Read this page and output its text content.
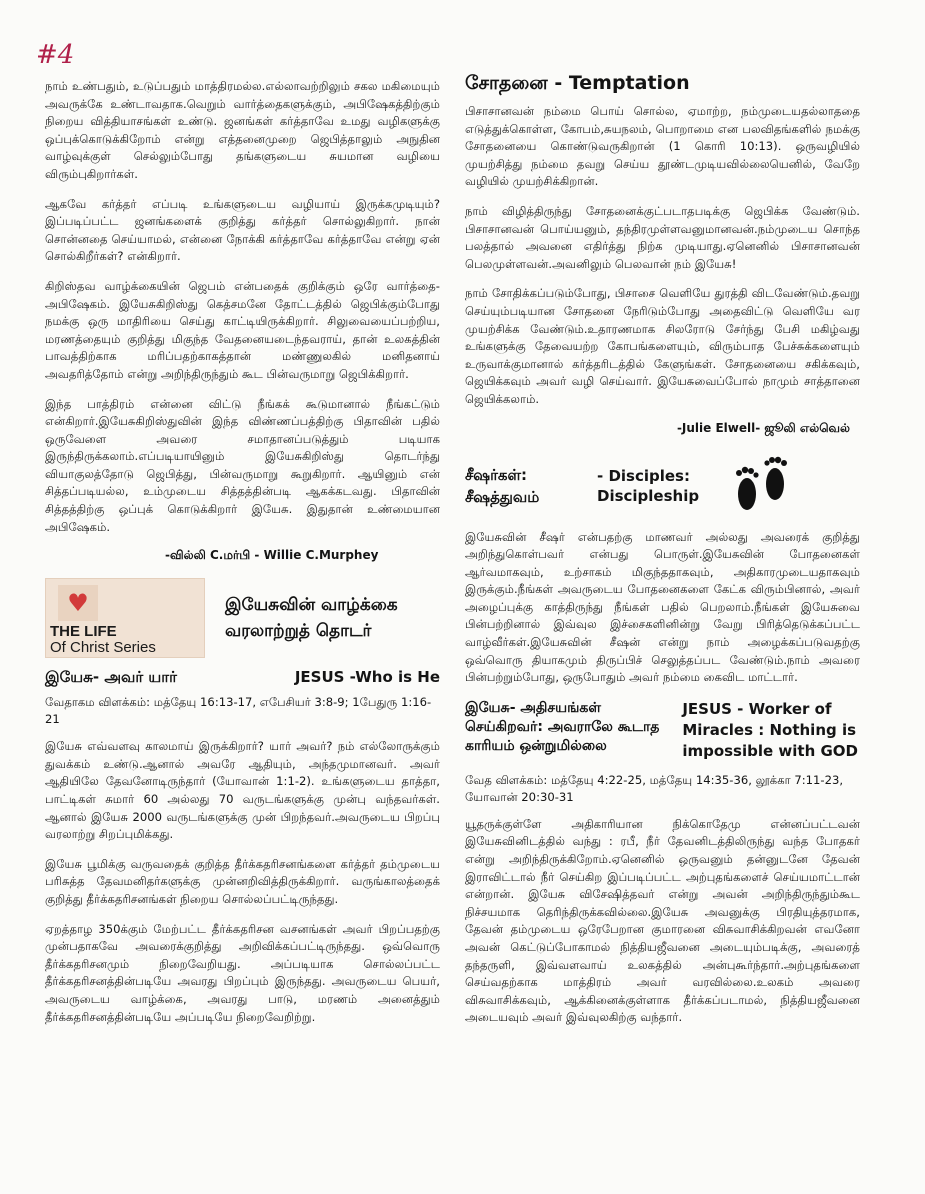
#4

நாம் உண்பதும், உடுப்பதும் மாத்திரமல்ல.எல்லாவற்றிலும் சகல மகிமையும் அவருக்கே உண்டாவதாக.வெறும் வார்த்தைகளுக்கும், அபிஷேகத்திற்கும் நிறைய வித்தியாசங்கள் உண்டு. ஜனங்கள் கர்த்தாவே உமது வழிகளுக்கு ஒப்புக்கொடுக்கிறோம் என்று எத்தனைமுறை ஜெபித்தாலும் அநுதின வாழ்வுக்குள் செல்லும்போது தங்களுடைய சுயமான வழியை விரும்புகிறார்கள்.

ஆகவே கர்த்தர் எப்படி உங்களுடைய வழியாய் இருக்கமுடியும்? இப்படிப்பட்ட ஜனங்களைக் குறித்து கர்த்தர் சொல்லுகிறார். நான் சொன்னதை செய்யாமல், என்னை நோக்கி கர்த்தாவே கர்த்தாவே என்று ஏன் சொல்கிறீர்கள்? என்கிறார்.

கிறிஸ்தவ வாழ்க்கையின் ஜெபம் என்பதைக் குறிக்கும் ஒரே வார்த்தை- அபிஷேகம். இயேசுகிறிஸ்து கெத்சமனே தோட்டத்தில் ஜெபிக்கும்போது நமக்கு ஒரு மாதிரியை செய்து காட்டியிருக்கிறார். சிலுவையைப்பற்றிய, மரணத்தையும் குறித்து மிகுந்த வேதனையடைந்தவராய், தான் உலகத்தின் பாவத்திற்காக மரிப்பதற்காகத்தான் மண்ணுலகில் மனிதனாய் அவதரித்தோம் என்று அறிந்திருந்தும் கூட பின்வருமாறு ஜெபிக்கிறார்.

இந்த பாத்திரம் என்னை விட்டு நீங்கக் கூடுமானால் நீங்கட்டும் என்கிறார்.இயேசுகிறிஸ்துவின் இந்த விண்ணப்பத்திற்கு பிதாவின் பதில் ஒருவேளை அவரை சமாதானப்படுத்தும் படியாக இருந்திருக்கலாம்.எப்படியாயினும் இயேசுகிறிஸ்து தொடர்ந்து வியாகுலத்தோடு ஜெபித்து, பின்வருமாறு கூறுகிறார். ஆயினும் என் சித்தப்படியல்ல, உம்முடைய சித்தத்தின்படி ஆகக்கடவது. பிதாவின் சித்தத்திற்கு ஒப்புக் கொடுக்கிறார் இயேசு. இதுதான் உண்மையான அபிஷேகம்.

-வில்லி C.மர்பி - Willie C.Murphey
♥
THE LIFE
Of Christ Series
இயேசுவின் வாழ்க்கை
வரலாற்றுத் தொடர்
இயேசு- அவர் யார்	JESUS -Who is He
வேதாகம விளக்கம்: மத்தேயு 16:13-17, எபேசியர் 3:8-9; 1பேதுரு 1:16-21

இயேசு எவ்வளவு காலமாய் இருக்கிறார்? யார் அவர்? நம் எல்லோருக்கும் துவக்கம் உண்டு.ஆனால் அவரே ஆதியும், அந்தமுமானவர். அவர் ஆதியிலே தேவனோடிருந்தார் (யோவான் 1:1-2). உங்களுடைய தாத்தா, பாட்டிகள் சுமார் 60 அல்லது 70 வருடங்களுக்கு முன்பு வந்தவர்கள். ஆனால் இயேசு 2000 வருடங்களுக்கு முன் பிறந்தவர்.அவருடைய பிறப்பு வரலாற்று சிறப்புமிக்கது.

இயேசு பூமிக்கு வருவதைக் குறித்த தீர்க்கதரிசனங்களை கர்த்தர் தம்முடைய பரிசுத்த தேவமனிதர்களுக்கு முன்னறிவித்திருக்கிறார். வருங்காலத்தைக் குறித்து தீர்க்கதரிசனங்கள் நிறைய சொல்லப்பட்டிருந்தது.

ஏறத்தாழ 350க்கும் மேற்பட்ட தீர்க்கதரிசன வசனங்கள் அவர் பிறப்பதற்கு முன்பதாகவே அவரைக்குறித்து அறிவிக்கப்பட்டிருந்தது. ஒவ்வொரு தீர்க்கதரிசனமும் நிறைவேறியது. அப்படியாக சொல்லப்பட்ட தீர்க்கதரிசனத்தின்படியே அவரது பிறப்பும் இருந்தது. அவருடைய பெயர், அவருடைய வாழ்க்கை, அவரது பாடு, மரணம் அனைத்தும் தீர்க்கதரிசனத்தின்படியே அப்படியே நிறைவேறிற்று.

சோதனை - Temptation

பிசாசானவன் நம்மை பொய் சொல்ல, ஏமாற்ற, நம்முடையதல்லாததை எடுத்துக்கொள்ள, கோபம்,சுயநலம், பொறாமை என பலவிதங்களில் நமக்கு சோதனையை கொண்டுவருகிறான் (1 கொரி 10:13). ஒருவழியில் முயற்சித்து நம்மை தவறு செய்ய தூண்டமுடியவில்லையெனில், வேறே வழியில் முயற்சிக்கிறான்.

நாம் விழித்திருந்து சோதனைக்குட்படாதபடிக்கு ஜெபிக்க வேண்டும். பிசாசானவன் பொய்யனும், தந்திரமுள்ளவனுமானவன்.நம்முடைய சொந்த பலத்தால் அவனை எதிர்த்து நிற்க முடியாது.ஏனெனில் பிசாசானவன் பெலமுள்ளவன்.அவனிலும் பெலவான் நம் இயேசு!

நாம் சோதிக்கப்படும்போது, பிசாசை வெளியே துரத்தி விடவேண்டும்.தவறு செய்யும்படியான சோதனை நேரிடும்போது அதைவிட்டு வெளியே வர முயற்சிக்க வேண்டும்.உதாரணமாக சிலரோடு சேர்ந்து பேசி மகிழ்வது உங்களுக்கு தேவையற்ற கோபங்களையும், விரும்பாத பேச்சுக்களையும் உருவாக்குமானால் கர்த்தரிடத்தில் கேளுங்கள். சோதனையை சகிக்கவும், ஜெயிக்கவும் அவர் வழி செய்வார். இயேசுவைப்போல் நாமும் சாத்தானை ஜெயிக்கலாம்.

-Julie Elwell- ஜூலி எல்வெல்
சீஷர்கள்:
சீஷத்துவம்
- Disciples:
Discipleship

இயேசுவின் சீஷர் என்பதற்கு மாணவர் அல்லது அவரைக் குறித்து அறிந்துகொள்பவர் என்பது பொருள்.இயேசுவின் போதனைகள் ஆர்வமாகவும், உற்சாகம் மிகுந்ததாகவும், அதிகாரமுடையதாகவும் இருக்கும்.நீங்கள் அவருடைய போதனைகளை கேட்க விரும்பினால், அவர் அழைப்புக்கு காத்திருந்து நீங்கள் பதில் பெறலாம்.நீங்கள் இயேசுவை பின்பற்றினால் இவ்வுல இச்சைகளினின்று வேறு பிரித்தெடுக்கப்பட்ட வாழ்வீர்கள்.இயேசுவின் சீஷன் என்று நாம் அழைக்கப்படுவதற்கு ஒவ்வொரு தியாகமும் திருப்பிச் செலுத்தப்பட வேண்டும்.நாம் அவரை பின்பற்றும்போது, ஒருபோதும் அவர் நம்மை கைவிட மாட்டார்.

இயேசு- அதிசயங்கள் செய்கிறவர்: அவராலே கூடாத காரியம் ஒன்றுமில்லை
JESUS - Worker of Miracles : Nothing is impossible with GOD
வேத விளக்கம்: மத்தேயு 4:22-25, மத்தேயு 14:35-36, லூக்கா 7:11-23, யோவான் 20:30-31

யூதருக்குள்ளே அதிகாரியான நிக்கொதேமு என்னப்பட்டவன் இயேசுவினிடத்தில் வந்து : ரபீ, நீர் தேவனிடத்திலிருந்து வந்த போதகர் என்று அறிந்திருக்கிறோம்.ஏனெனில் ஒருவனும் தன்னுடனே தேவன் இராவிட்டால் நீர் செய்கிற இப்படிப்பட்ட அற்புதங்களைச் செய்யமாட்டான் என்றான். இயேசு விசேஷித்தவர் என்று அவன் அறிந்திருந்தும்கூட நிச்சயமாக தெரிந்திருக்கவில்லை.இயேசு அவனுக்கு பிரதியுத்தரமாக, தேவன் தம்முடைய ஒரேபேறான குமாரனை விசுவாசிக்கிறவன் எவனோ அவன் கெட்டுப்போகாமல் நித்தியஜீவனை அடையும்படிக்கு, அவரைத் தந்தருளி, இவ்வளவாய் உலகத்தில் அன்புகூர்ந்தார்.அற்புதங்களை செய்வதற்காக மாத்திரம் அவர் வரவில்லை.உலகம் அவரை விசுவாசிக்கவும், ஆக்கினைக்குள்ளாக தீர்க்கப்படாமல், நித்தியஜீவனை அடையவும் அவர் இவ்வுலகிற்கு வந்தார்.
